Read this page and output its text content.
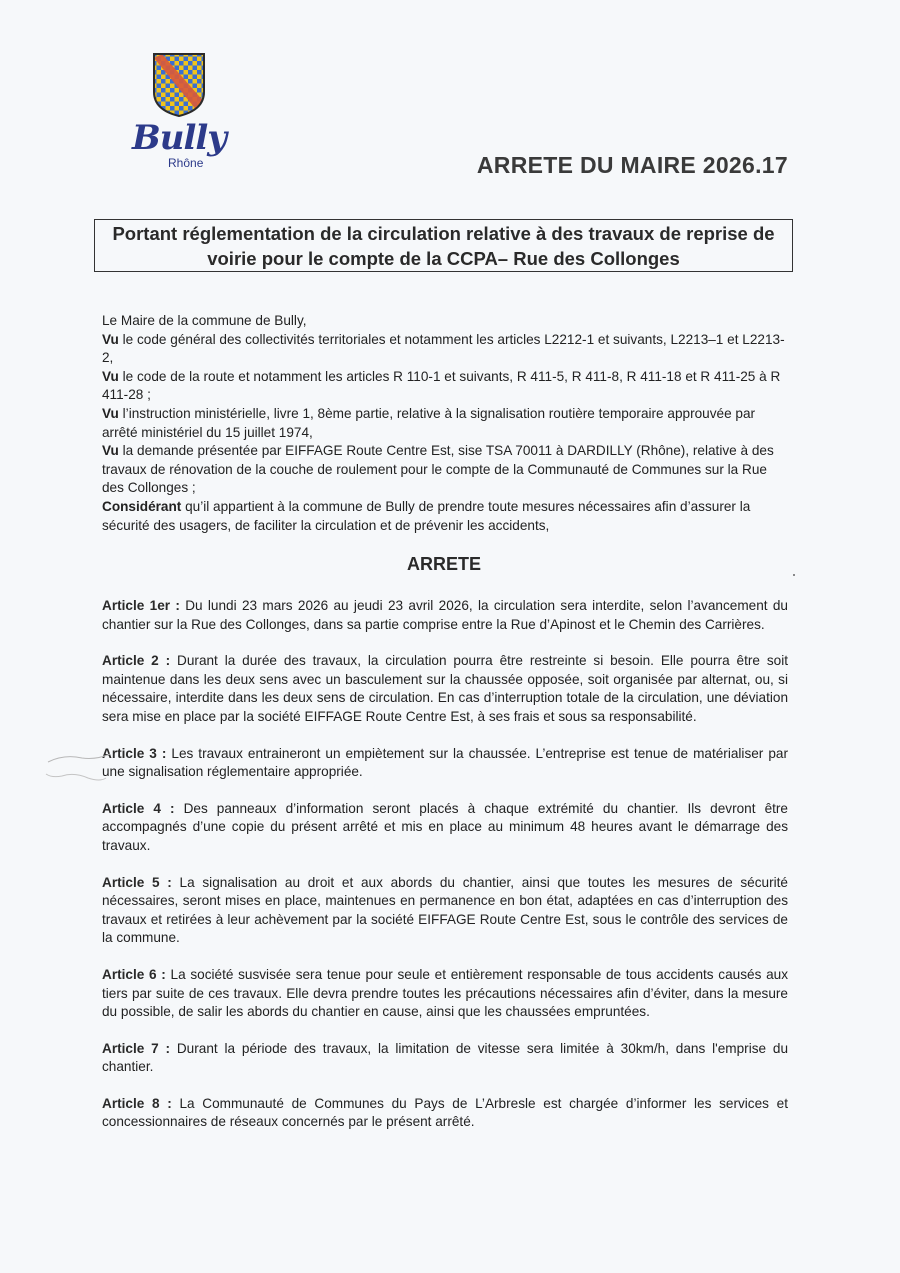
Bully
Rhône	ARRETE DU MAIRE 2026.17
Portant réglementation de la circulation relative à des travaux de reprise de
voirie pour le compte de la CCPA– Rue des Collonges

Le Maire de la commune de Bully,

Vu le code général des collectivités territoriales et notamment les articles L2212-1 et suivants, L2213–1 et L2213-2,

Vu le code de la route et notamment les articles R 110-1 et suivants, R 411-5, R 411-8, R 411-18 et R 411-25 à R 411-28 ;

Vu l’instruction ministérielle, livre 1, 8ème partie, relative à la signalisation routière temporaire approuvée par arrêté ministériel du 15 juillet 1974,

Vu la demande présentée par EIFFAGE Route Centre Est, sise TSA 70011 à DARDILLY (Rhône), relative à des travaux de rénovation de la couche de roulement pour le compte de la Communauté de Communes sur la Rue des Collonges ;

Considérant qu’il appartient à la commune de Bully de prendre toute mesures nécessaires afin d’assurer la sécurité des usagers, de faciliter la circulation et de prévenir les accidents,

ARRETE

Article 1er : Du lundi 23 mars 2026 au jeudi 23 avril 2026, la circulation sera interdite, selon l’avancement du chantier sur la Rue des Collonges, dans sa partie comprise entre la Rue d’Apinost et le Chemin des Carrières.

Article 2 : Durant la durée des travaux, la circulation pourra être restreinte si besoin. Elle pourra être soit maintenue dans les deux sens avec un basculement sur la chaussée opposée, soit organisée par alternat, ou, si nécessaire, interdite dans les deux sens de circulation. En cas d’interruption totale de la circulation, une déviation sera mise en place par la société EIFFAGE Route Centre Est, à ses frais et sous sa responsabilité.

Article 3 : Les travaux entraineront un empiètement sur la chaussée. L’entreprise est tenue de matérialiser par une signalisation réglementaire appropriée.

Article 4 : Des panneaux d’information seront placés à chaque extrémité du chantier. Ils devront être accompagnés d’une copie du présent arrêté et mis en place au minimum 48 heures avant le démarrage des travaux.

Article 5 : La signalisation au droit et aux abords du chantier, ainsi que toutes les mesures de sécurité nécessaires, seront mises en place, maintenues en permanence en bon état, adaptées en cas d’interruption des travaux et retirées à leur achèvement par la société EIFFAGE Route Centre Est, sous le contrôle des services de la commune.

Article 6 : La société susvisée sera tenue pour seule et entièrement responsable de tous accidents causés aux tiers par suite de ces travaux. Elle devra prendre toutes les précautions nécessaires afin d’éviter, dans la mesure du possible, de salir les abords du chantier en cause, ainsi que les chaussées empruntées.

Article 7 : Durant la période des travaux, la limitation de vitesse sera limitée à 30km/h, dans l'emprise du chantier.

Article 8 : La Communauté de Communes du Pays de L’Arbresle est chargée d’informer les services et concessionnaires de réseaux concernés par le présent arrêté.
